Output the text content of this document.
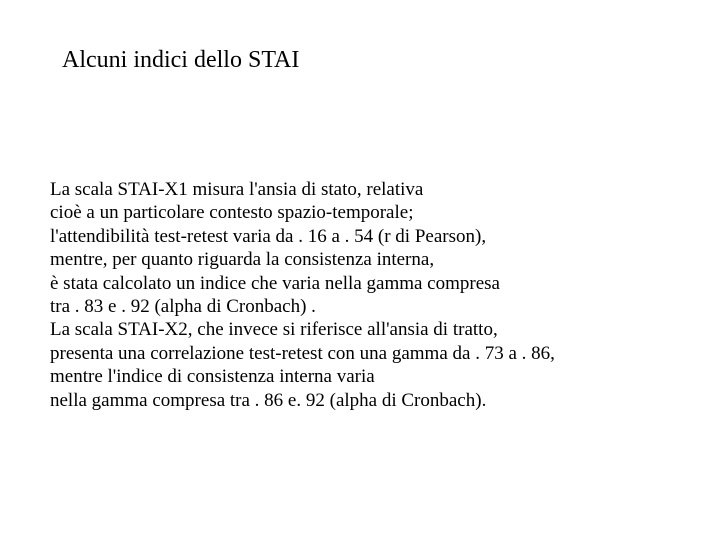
Alcuni indici dello STAI
La scala STAI-X1 misura l'ansia di stato, relativa
cioè a un particolare contesto spazio-temporale;
l'attendibilità test-retest varia da . 16 a . 54 (r di Pearson),
mentre, per quanto riguarda la consistenza interna,
è stata calcolato un indice che varia nella gamma compresa
tra . 83 e . 92 (alpha di Cronbach) .
La scala STAI-X2, che invece si riferisce all'ansia di tratto,
presenta una correlazione test-retest con una gamma da . 73 a . 86,
mentre l'indice di consistenza interna varia
nella gamma compresa tra . 86 e. 92 (alpha di Cronbach).
